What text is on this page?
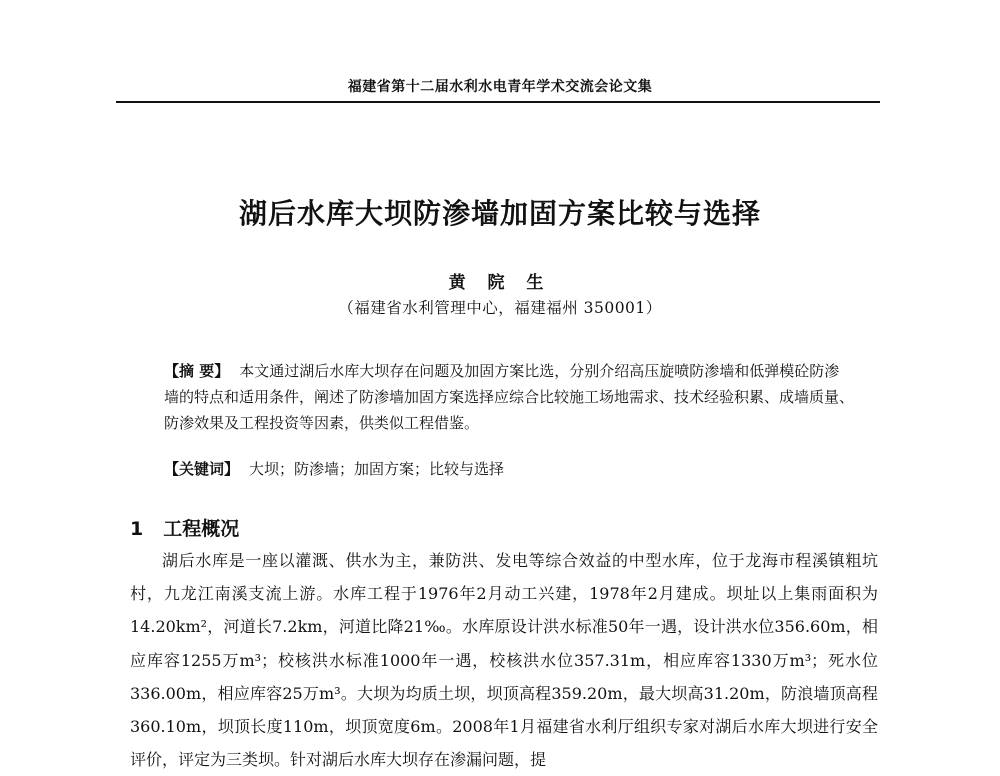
福建省第十二届水利水电青年学术交流会论文集
湖后水库大坝防渗墙加固方案比较与选择
黄 院 生
（福建省水利管理中心，福建福州 350001）

【摘 要】 本文通过湖后水库大坝存在问题及加固方案比选，分别介绍高压旋喷防渗墙和低弹模砼防渗墙的特点和适用条件，阐述了防渗墙加固方案选择应综合比较施工场地需求、技术经验积累、成墙质量、防渗效果及工程投资等因素，供类似工程借鉴。

【关键词】 大坝；防渗墙；加固方案；比较与选择
1 工程概况

湖后水库是一座以灌溉、供水为主，兼防洪、发电等综合效益的中型水库，位于龙海市程溪镇粗坑村，九龙江南溪支流上游。水库工程于1976年2月动工兴建，1978年2月建成。坝址以上集雨面积为14.20km²，河道长7.2km，河道比降21‰。水库原设计洪水标准50年一遇，设计洪水位356.60m，相应库容1255万m³；校核洪水标准1000年一遇，校核洪水位357.31m，相应库容1330万m³；死水位336.00m，相应库容25万m³。大坝为均质土坝，坝顶高程359.20m，最大坝高31.20m，防浪墙顶高程360.10m，坝顶长度110m，坝顶宽度6m。2008年1月福建省水利厅组织专家对湖后水库大坝进行安全评价，评定为三类坝。针对湖后水库大坝存在渗漏问题，提
